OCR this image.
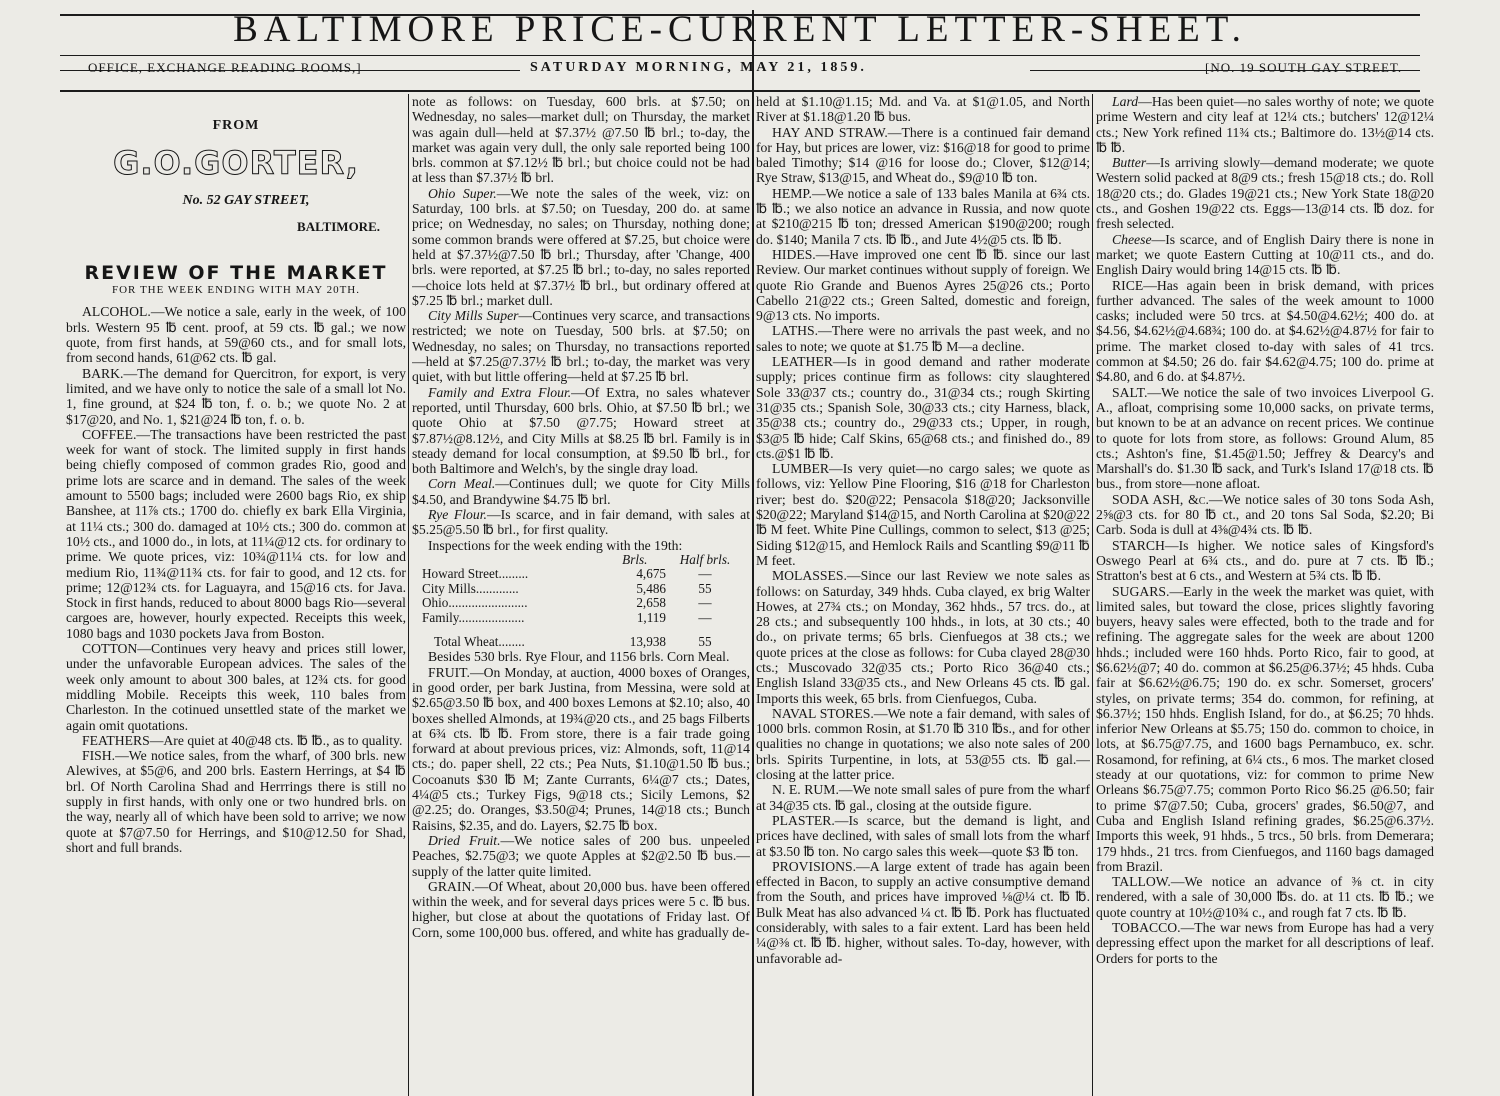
BALTIMORE PRICE-CURRENT LETTER-SHEET.
OFFICE, EXCHANGE READING ROOMS,]	SATURDAY MORNING, MAY 21, 1859.	[NO. 19 SOUTH GAY STREET.
FROM
G.O.GORTER,
No. 52 GAY STREET,
BALTIMORE.
REVIEW OF THE MARKET
FOR THE WEEK ENDING WITH MAY 20TH.

ALCOHOL.—We notice a sale, early in the week, of 100 brls. Western 95 ℔ cent. proof, at 59 cts. ℔ gal.; we now quote, from first hands, at 59@60 cts., and for small lots, from second hands, 61@62 cts. ℔ gal.

BARK.—The demand for Quercitron, for export, is very limited, and we have only to notice the sale of a small lot No. 1, fine ground, at $24 ℔ ton, f. o. b.; we quote No. 2 at $17@20, and No. 1, $21@24 ℔ ton, f. o. b.

COFFEE.—The transactions have been restricted the past week for want of stock. The limited supply in first hands being chiefly composed of common grades Rio, good and prime lots are scarce and in demand. The sales of the week amount to 5500 bags; included were 2600 bags Rio, ex ship Banshee, at 11⅞ cts.; 1700 do. chiefly ex bark Ella Virginia, at 11¼ cts.; 300 do. damaged at 10½ cts.; 300 do. common at 10½ cts., and 1000 do., in lots, at 11¼@12 cts. for ordinary to prime. We quote prices, viz: 10¾@11¼ cts. for low and medium Rio, 11¾@11¾ cts. for fair to good, and 12 cts. for prime; 12@12¾ cts. for Laguayra, and 15@16 cts. for Java. Stock in first hands, reduced to about 8000 bags Rio—several cargoes are, however, hourly expected. Receipts this week, 1080 bags and 1030 pockets Java from Boston.

COTTON—Continues very heavy and prices still lower, under the unfavorable European advices. The sales of the week only amount to about 300 bales, at 12¾ cts. for good middling Mobile. Receipts this week, 110 bales from Charleston. In the cotinued unsettled state of the market we again omit quotations.

FEATHERS—Are quiet at 40@48 cts. ℔ ℔., as to quality.

FISH.—We notice sales, from the wharf, of 300 brls. new Alewives, at $5@6, and 200 brls. Eastern Herrings, at $4 ℔ brl. Of North Carolina Shad and Herrrings there is still no supply in first hands, with only one or two hundred brls. on the way, nearly all of which have been sold to arrive; we now quote at $7@7.50 for Herrings, and $10@12.50 for Shad, short and full brands.

note as follows: on Tuesday, 600 brls. at $7.50; on Wednesday, no sales—market dull; on Thursday, the market was again dull—held at $7.37½ @7.50 ℔ brl.; to-day, the market was again very dull, the only sale reported being 100 brls. common at $7.12½ ℔ brl.; but choice could not be had at less than $7.37½ ℔ brl.

Ohio Super.—We note the sales of the week, viz: on Saturday, 100 brls. at $7.50; on Tuesday, 200 do. at same price; on Wednesday, no sales; on Thursday, nothing done; some common brands were offered at $7.25, but choice were held at $7.37½@7.50 ℔ brl.; Thursday, after 'Change, 400 brls. were reported, at $7.25 ℔ brl.; to-day, no sales reported—choice lots held at $7.37½ ℔ brl., but ordinary offered at $7.25 ℔ brl.; market dull.

City Mills Super—Continues very scarce, and transactions restricted; we note on Tuesday, 500 brls. at $7.50; on Wednesday, no sales; on Thursday, no transactions reported—held at $7.25@7.37½ ℔ brl.; to-day, the market was very quiet, with but little offering—held at $7.25 ℔ brl.

Family and Extra Flour.—Of Extra, no sales whatever reported, until Thursday, 600 brls. Ohio, at $7.50 ℔ brl.; we quote Ohio at $7.50 @7.75; Howard street at $7.87½@8.12½, and City Mills at $8.25 ℔ brl. Family is in steady demand for local consumption, at $9.50 ℔ brl., for both Baltimore and Welch's, by the single dray load.

Corn Meal.—Continues dull; we quote for City Mills $4.50, and Brandywine $4.75 ℔ brl.

Rye Flour.—Is scarce, and in fair demand, with sales at $5.25@5.50 ℔ brl., for first quality.

Inspections for the week ending with the 19th:

	Brls.	Half brls.
Howard Street.........	4,675	—
City Mills.............	5,486	55
Ohio........................	2,658	—
Family....................	1,119	—
Total Wheat........	13,938	55

Besides 530 brls. Rye Flour, and 1156 brls. Corn Meal.

FRUIT.—On Monday, at auction, 4000 boxes of Oranges, in good order, per bark Justina, from Messina, were sold at $2.65@3.50 ℔ box, and 400 boxes Lemons at $2.10; also, 40 boxes shelled Almonds, at 19¾@20 cts., and 25 bags Filberts at 6¾ cts. ℔ ℔. From store, there is a fair trade going forward at about previous prices, viz: Almonds, soft, 11@14 cts.; do. paper shell, 22 cts.; Pea Nuts, $1.10@1.50 ℔ bus.; Cocoanuts $30 ℔ M; Zante Currants, 6¼@7 cts.; Dates, 4¼@5 cts.; Turkey Figs, 9@18 cts.; Sicily Lemons, $2 @2.25; do. Oranges, $3.50@4; Prunes, 14@18 cts.; Bunch Raisins, $2.35, and do. Layers, $2.75 ℔ box.

Dried Fruit.—We notice sales of 200 bus. unpeeled Peaches, $2.75@3; we quote Apples at $2@2.50 ℔ bus.—supply of the latter quite limited.

GRAIN.—Of Wheat, about 20,000 bus. have been offered within the week, and for several days prices were 5 c. ℔ bus. higher, but close at about the quotations of Friday last. Of Corn, some 100,000 bus. offered, and white has gradually de-

held at $1.10@1.15; Md. and Va. at $1@1.05, and North River at $1.18@1.20 ℔ bus.

HAY AND STRAW.—There is a continued fair demand for Hay, but prices are lower, viz: $16@18 for good to prime baled Timothy; $14 @16 for loose do.; Clover, $12@14; Rye Straw, $13@15, and Wheat do., $9@10 ℔ ton.

HEMP.—We notice a sale of 133 bales Manila at 6¾ cts. ℔ ℔.; we also notice an advance in Russia, and now quote at $210@215 ℔ ton; dressed American $190@200; rough do. $140; Manila 7 cts. ℔ ℔., and Jute 4½@5 cts. ℔ ℔.

HIDES.—Have improved one cent ℔ ℔. since our last Review. Our market continues without supply of foreign. We quote Rio Grande and Buenos Ayres 25@26 cts.; Porto Cabello 21@22 cts.; Green Salted, domestic and foreign, 9@13 cts. No imports.

LATHS.—There were no arrivals the past week, and no sales to note; we quote at $1.75 ℔ M—a decline.

LEATHER—Is in good demand and rather moderate supply; prices continue firm as follows: city slaughtered Sole 33@37 cts.; country do., 31@34 cts.; rough Skirting 31@35 cts.; Spanish Sole, 30@33 cts.; city Harness, black, 35@38 cts.; country do., 29@33 cts.; Upper, in rough, $3@5 ℔ hide; Calf Skins, 65@68 cts.; and finished do., 89 cts.@$1 ℔ ℔.

LUMBER—Is very quiet—no cargo sales; we quote as follows, viz: Yellow Pine Flooring, $16 @18 for Charleston river; best do. $20@22; Pensacola $18@20; Jacksonville $20@22; Maryland $14@15, and North Carolina at $20@22 ℔ M feet. White Pine Cullings, common to select, $13 @25; Siding $12@15, and Hemlock Rails and Scantling $9@11 ℔ M feet.

MOLASSES.—Since our last Review we note sales as follows: on Saturday, 349 hhds. Cuba clayed, ex brig Walter Howes, at 27¾ cts.; on Monday, 362 hhds., 57 trcs. do., at 28 cts.; and subsequently 100 hhds., in lots, at 30 cts.; 40 do., on private terms; 65 brls. Cienfuegos at 38 cts.; we quote prices at the close as follows: for Cuba clayed 28@30 cts.; Muscovado 32@35 cts.; Porto Rico 36@40 cts.; English Island 33@35 cts., and New Orleans 45 cts. ℔ gal. Imports this week, 65 brls. from Cienfuegos, Cuba.

NAVAL STORES.—We note a fair demand, with sales of 1000 brls. common Rosin, at $1.70 ℔ 310 ℔s., and for other qualities no change in quotations; we also note sales of 200 brls. Spirits Turpentine, in lots, at 53@55 cts. ℔ gal.—closing at the latter price.

N. E. RUM.—We note small sales of pure from the wharf at 34@35 cts. ℔ gal., closing at the outside figure.

PLASTER.—Is scarce, but the demand is light, and prices have declined, with sales of small lots from the wharf at $3.50 ℔ ton. No cargo sales this week—quote $3 ℔ ton.

PROVISIONS.—A large extent of trade has again been effected in Bacon, to supply an active consumptive demand from the South, and prices have improved ⅛@¼ ct. ℔ ℔. Bulk Meat has also advanced ¼ ct. ℔ ℔. Pork has fluctuated considerably, with sales to a fair extent. Lard has been held ¼@⅜ ct. ℔ ℔. higher, without sales. To-day, however, with unfavorable ad-

Lard—Has been quiet—no sales worthy of note; we quote prime Western and city leaf at 12¼ cts.; butchers' 12@12¼ cts.; New York refined 11¾ cts.; Baltimore do. 13½@14 cts. ℔ ℔.

Butter—Is arriving slowly—demand moderate; we quote Western solid packed at 8@9 cts.; fresh 15@18 cts.; do. Roll 18@20 cts.; do. Glades 19@21 cts.; New York State 18@20 cts., and Goshen 19@22 cts. Eggs—13@14 cts. ℔ doz. for fresh selected.

Cheese—Is scarce, and of English Dairy there is none in market; we quote Eastern Cutting at 10@11 cts., and do. English Dairy would bring 14@15 cts. ℔ ℔.

RICE—Has again been in brisk demand, with prices further advanced. The sales of the week amount to 1000 casks; included were 50 trcs. at $4.50@4.62½; 400 do. at $4.56, $4.62½@4.68¾; 100 do. at $4.62½@4.87½ for fair to prime. The market closed to-day with sales of 41 trcs. common at $4.50; 26 do. fair $4.62@4.75; 100 do. prime at $4.80, and 6 do. at $4.87½.

SALT.—We notice the sale of two invoices Liverpool G. A., afloat, comprising some 10,000 sacks, on private terms, but known to be at an advance on recent prices. We continue to quote for lots from store, as follows: Ground Alum, 85 cts.; Ashton's fine, $1.45@1.50; Jeffrey & Dearcy's and Marshall's do. $1.30 ℔ sack, and Turk's Island 17@18 cts. ℔ bus., from store—none afloat.

SODA ASH, &c.—We notice sales of 30 tons Soda Ash, 2⅝@3 cts. for 80 ℔ ct., and 20 tons Sal Soda, $2.20; Bi Carb. Soda is dull at 4⅜@4¾ cts. ℔ ℔.

STARCH—Is higher. We notice sales of Kingsford's Oswego Pearl at 6¾ cts., and do. pure at 7 cts. ℔ ℔.; Stratton's best at 6 cts., and Western at 5¾ cts. ℔ ℔.

SUGARS.—Early in the week the market was quiet, with limited sales, but toward the close, prices slightly favoring buyers, heavy sales were effected, both to the trade and for refining. The aggregate sales for the week are about 1200 hhds.; included were 160 hhds. Porto Rico, fair to good, at $6.62½@7; 40 do. common at $6.25@6.37½; 45 hhds. Cuba fair at $6.62½@6.75; 190 do. ex schr. Somerset, grocers' styles, on private terms; 354 do. common, for refining, at $6.37½; 150 hhds. English Island, for do., at $6.25; 70 hhds. inferior New Orleans at $5.75; 150 do. common to choice, in lots, at $6.75@7.75, and 1600 bags Pernambuco, ex. schr. Rosamond, for refining, at 6¼ cts., 6 mos. The market closed steady at our quotations, viz: for common to prime New Orleans $6.75@7.75; common Porto Rico $6.25 @6.50; fair to prime $7@7.50; Cuba, grocers' grades, $6.50@7, and Cuba and English Island refining grades, $6.25@6.37½. Imports this week, 91 hhds., 5 trcs., 50 brls. from Demerara; 179 hhds., 21 trcs. from Cienfuegos, and 1160 bags damaged from Brazil.

TALLOW.—We notice an advance of ⅜ ct. in city rendered, with a sale of 30,000 ℔s. do. at 11 cts. ℔ ℔.; we quote country at 10½@10¾ c., and rough fat 7 cts. ℔ ℔.

TOBACCO.—The war news from Europe has had a very depressing effect upon the market for all descriptions of leaf. Orders for ports to the
